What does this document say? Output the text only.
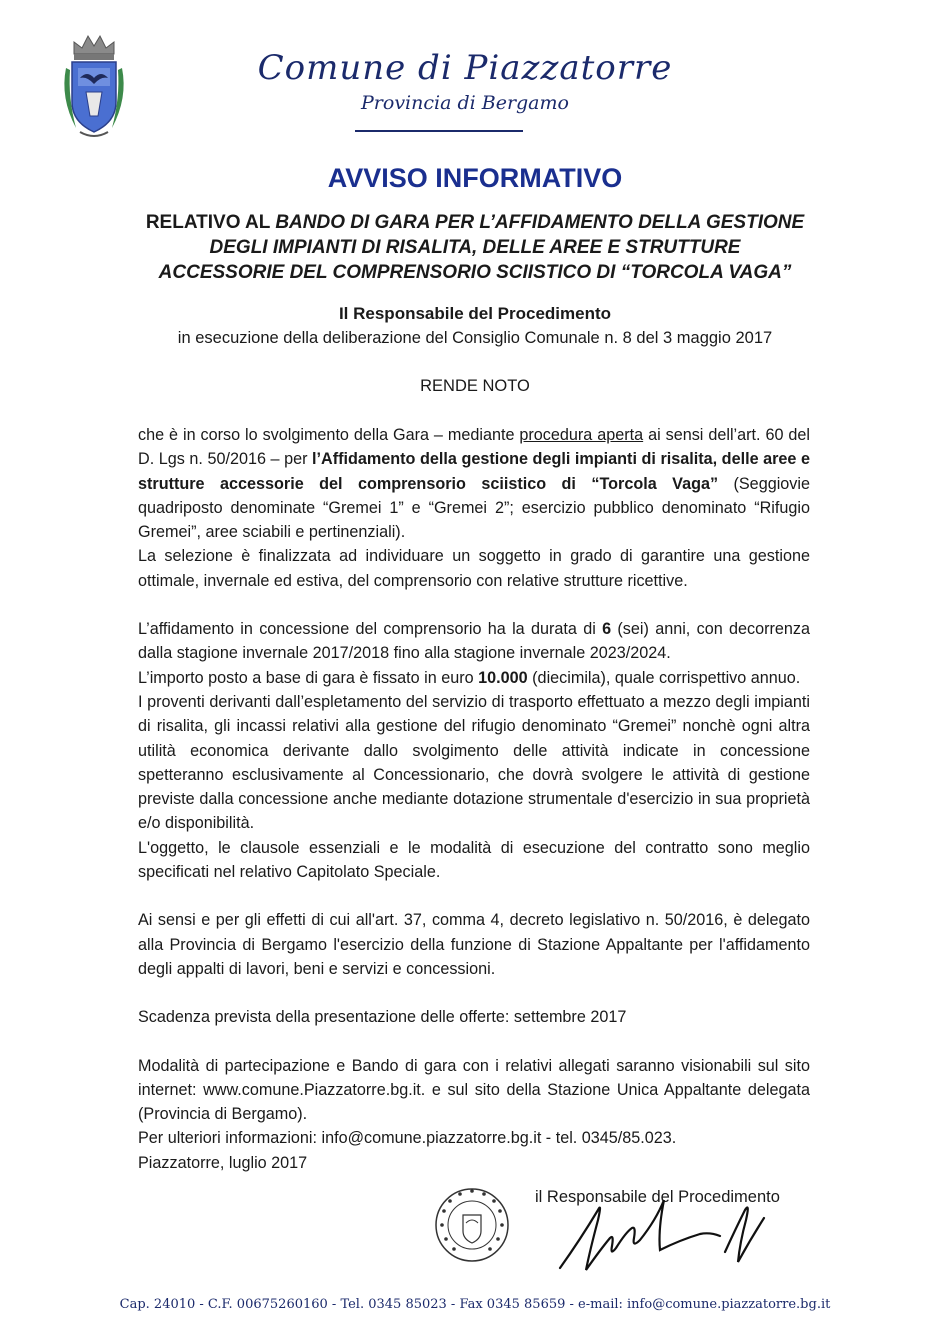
Comune di Piazzatorre
Provincia di Bergamo
AVVISO INFORMATIVO
RELATIVO AL BANDO DI GARA PER L’AFFIDAMENTO DELLA GESTIONE
DEGLI IMPIANTI DI RISALITA, DELLE AREE E STRUTTURE
ACCESSORIE DEL COMPRENSORIO SCIISTICO DI “TORCOLA VAGA”
Il Responsabile del Procedimento
in esecuzione della deliberazione del Consiglio Comunale n. 8 del 3 maggio 2017
RENDE NOTO

che è in corso lo svolgimento della Gara – mediante procedura aperta ai sensi dell’art. 60 del D. Lgs n. 50/2016 – per l’Affidamento della gestione degli impianti di risalita, delle aree e strutture accessorie del comprensorio sciistico di “Torcola Vaga” (Seggiovie quadriposto denominate “Gremei 1” e “Gremei 2”; esercizio pubblico denominato “Rifugio Gremei”, aree sciabili e pertinenziali).

La selezione è finalizzata ad individuare un soggetto in grado di garantire una gestione ottimale, invernale ed estiva, del comprensorio con relative strutture ricettive.

L’affidamento in concessione del comprensorio ha la durata di 6 (sei) anni, con decorrenza dalla stagione invernale 2017/2018 fino alla stagione invernale 2023/2024.

L’importo posto a base di gara è fissato in euro 10.000 (diecimila), quale corrispettivo annuo.

I proventi derivanti dall’espletamento del servizio di trasporto effettuato a mezzo degli impianti di risalita, gli incassi relativi alla gestione del rifugio denominato “Gremei” nonchè ogni altra utilità economica derivante dallo svolgimento delle attività indicate in concessione spetteranno esclusivamente al Concessionario, che dovrà svolgere le attività di gestione previste dalla concessione anche mediante dotazione strumentale d'esercizio in sua proprietà e/o disponibilità.

L'oggetto, le clausole essenziali e le modalità di esecuzione del contratto sono meglio specificati nel relativo Capitolato Speciale.

Ai sensi e per gli effetti di cui all'art. 37, comma 4, decreto legislativo n. 50/2016, è delegato alla Provincia di Bergamo l'esercizio della funzione di Stazione Appaltante per l'affidamento degli appalti di lavori, beni e servizi e concessioni.

Scadenza prevista della presentazione delle offerte: settembre 2017

Modalità di partecipazione e Bando di gara con i relativi allegati saranno visionabili sul sito internet: www.comune.Piazzatorre.bg.it. e sul sito della Stazione Unica Appaltante delegata (Provincia di Bergamo).

Per ulteriori informazioni: info@comune.piazzatorre.bg.it - tel. 0345/85.023.

Piazzatorre, luglio 2017

il Responsabile del Procedimento
Cap. 24010 - C.F. 00675260160 - Tel. 0345 85023 - Fax 0345 85659 - e-mail: info@comune.piazzatorre.bg.it
